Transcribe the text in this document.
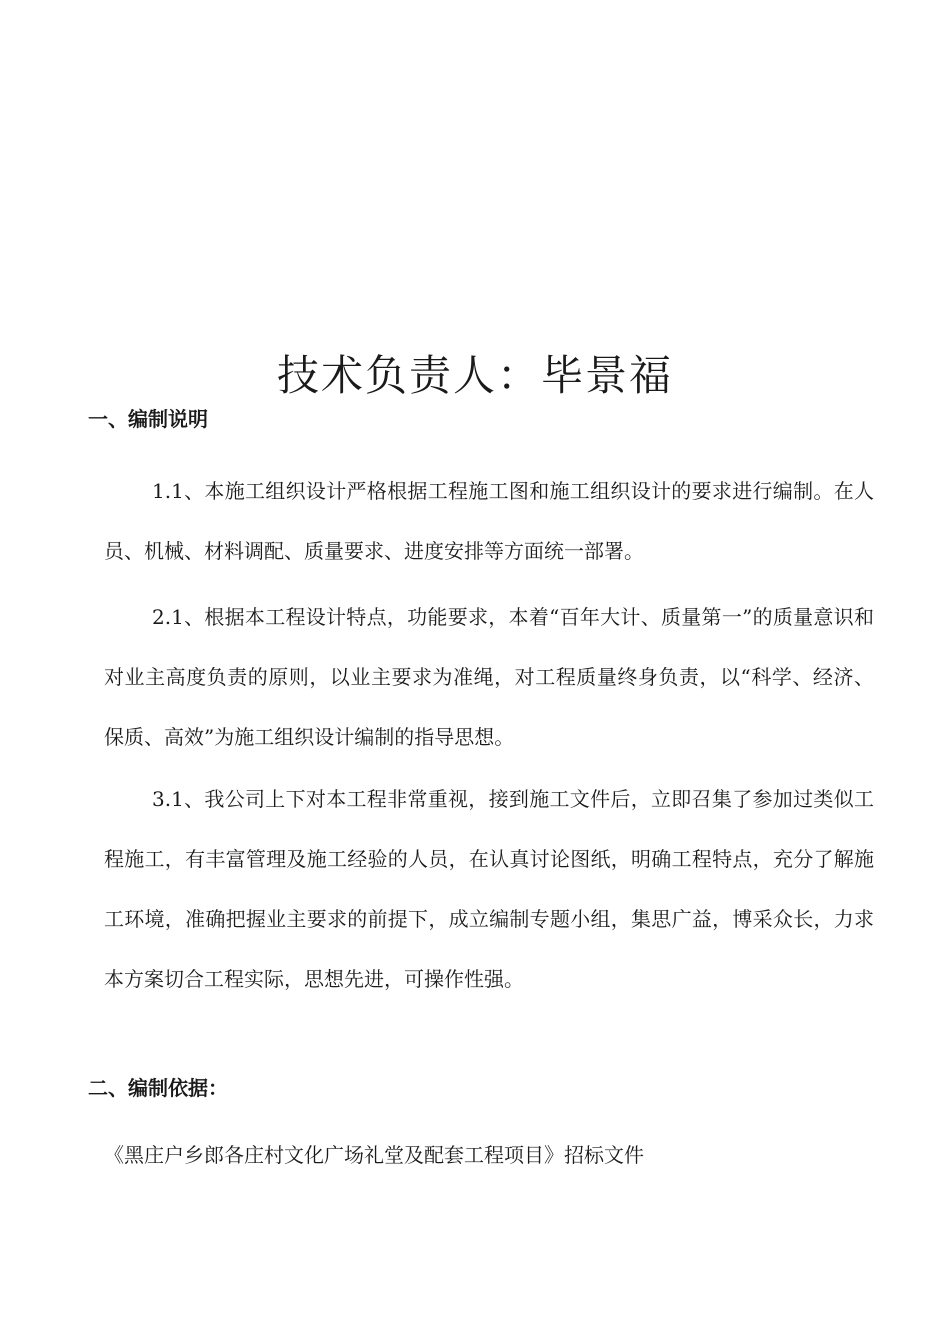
技术负责人：毕景福
一、编制说明

1.1、本施工组织设计严格根据工程施工图和施工组织设计的要求进行编制。在人员、机械、材料调配、质量要求、进度安排等方面统一部署。

2.1、根据本工程设计特点，功能要求，本着“百年大计、质量第一”的质量意识和对业主高度负责的原则，以业主要求为准绳，对工程质量终身负责，以“科学、经济、保质、高效”为施工组织设计编制的指导思想。

3.1、我公司上下对本工程非常重视，接到施工文件后，立即召集了参加过类似工程施工，有丰富管理及施工经验的人员，在认真讨论图纸，明确工程特点，充分了解施工环境，准确把握业主要求的前提下，成立编制专题小组，集思广益，博采众长，力求本方案切合工程实际，思想先进，可操作性强。

二、编制依据：

《黑庄户乡郎各庄村文化广场礼堂及配套工程项目》招标文件
